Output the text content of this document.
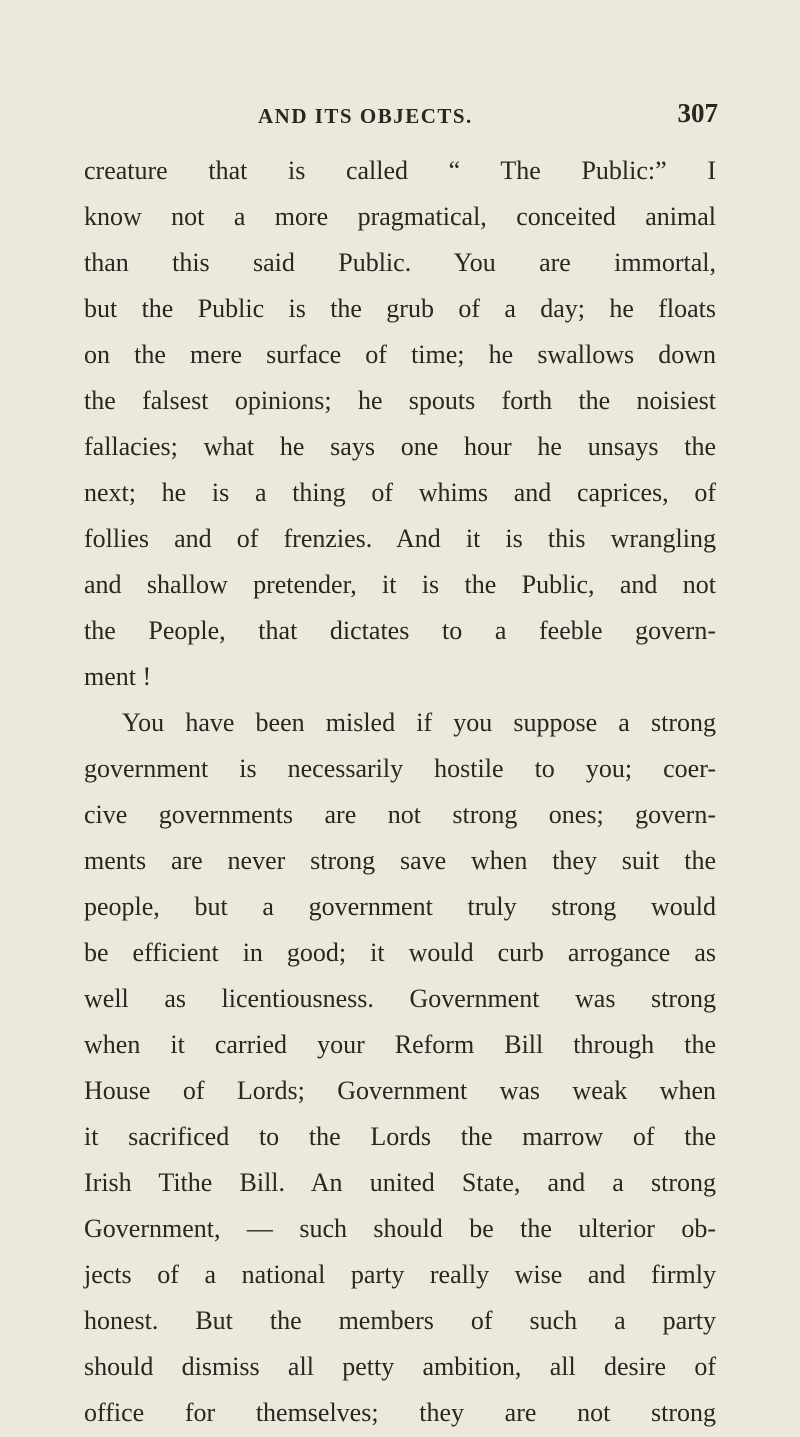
AND ITS OBJECTS.	307
creature that is called “ The Public:” I
know not a more pragmatical, conceited animal
than this said Public. You are immortal,
but the Public is the grub of a day; he floats
on the mere surface of time; he swallows down
the falsest opinions; he spouts forth the noisiest
fallacies; what he says one hour he unsays the
next; he is a thing of whims and caprices, of
follies and of frenzies. And it is this wrangling
and shallow pretender, it is the Public, and not
the People, that dictates to a feeble govern-
ment !
You have been misled if you suppose a strong
government is necessarily hostile to you; coer-
cive governments are not strong ones; govern-
ments are never strong save when they suit the
people, but a government truly strong would
be efficient in good; it would curb arrogance as
well as licentiousness. Government was strong
when it carried your Reform Bill through the
House of Lords; Government was weak when
it sacrificed to the Lords the marrow of the
Irish Tithe Bill. An united State, and a strong
Government, — such should be the ulterior ob-
jects of a national party really wise and firmly
honest. But the members of such a party
should dismiss all petty ambition, all desire of
office for themselves; they are not strong
